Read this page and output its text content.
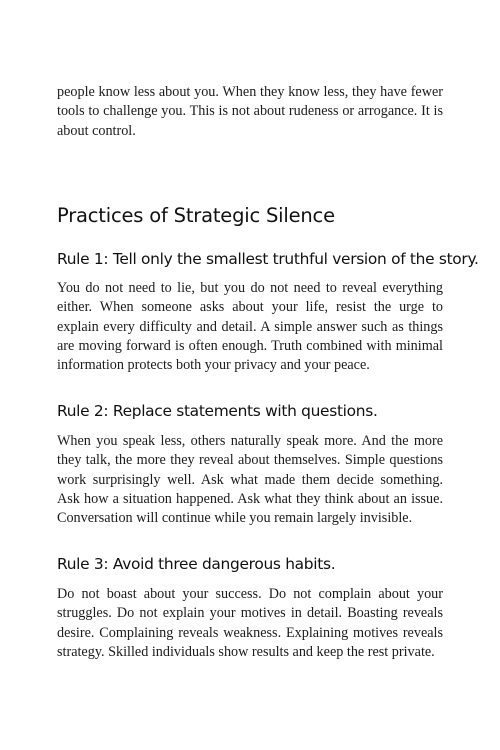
people know less about you. When they know less, they have fewer tools to challenge you. This is not about rudeness or arrogance. It is about control.

Practices of Strategic Silence
Rule 1: Tell only the smallest truthful version of the story.

You do not need to lie, but you do not need to reveal everything either. When someone asks about your life, resist the urge to explain every difficulty and detail. A simple answer such as things are moving forward is often enough. Truth combined with minimal information protects both your privacy and your peace.

Rule 2: Replace statements with questions.

When you speak less, others naturally speak more. And the more they talk, the more they reveal about themselves. Simple questions work surprisingly well. Ask what made them decide something. Ask how a situation happened. Ask what they think about an issue. Conversation will continue while you remain largely invisible.

Rule 3: Avoid three dangerous habits.

Do not boast about your success. Do not complain about your struggles. Do not explain your motives in detail. Boasting reveals desire. Complaining reveals weakness. Explaining motives reveals strategy. Skilled individuals show results and keep the rest private.
